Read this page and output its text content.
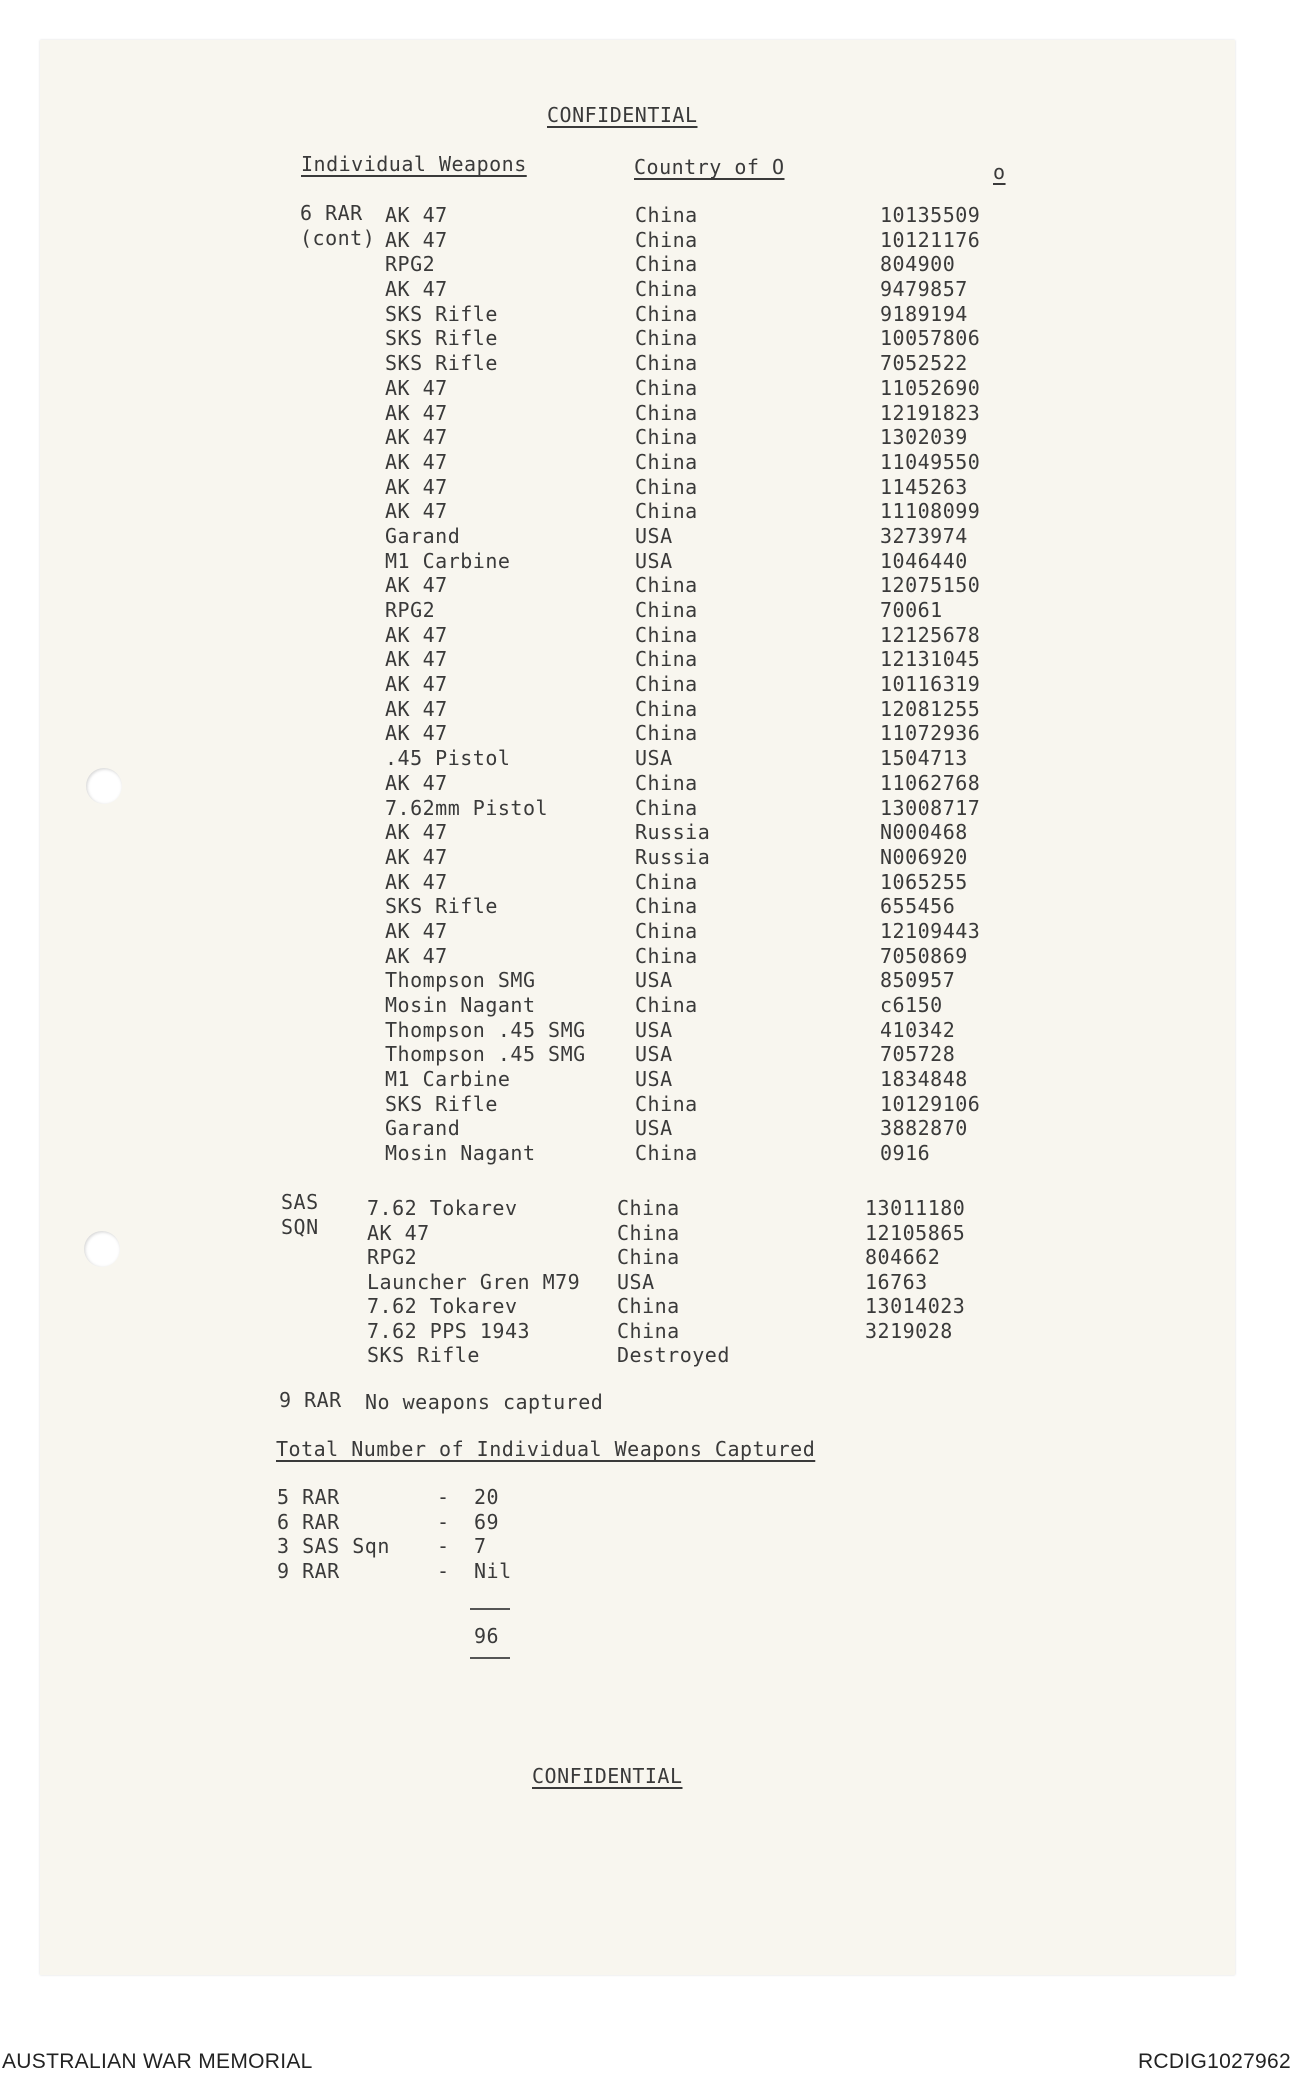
CONFIDENTIAL
Individual Weapons	Country of O	o
6 RAR
(cont)
AK 47	China	10135509
AK 47	China	10121176
RPG2	China	804900
AK 47	China	9479857
SKS Rifle	China	9189194
SKS Rifle	China	10057806
SKS Rifle	China	7052522
AK 47	China	11052690
AK 47	China	12191823
AK 47	China	1302039
AK 47	China	11049550
AK 47	China	1145263
AK 47	China	11108099
Garand	USA	3273974
M1 Carbine	USA	1046440
AK 47	China	12075150
RPG2	China	70061
AK 47	China	12125678
AK 47	China	12131045
AK 47	China	10116319
AK 47	China	12081255
AK 47	China	11072936
.45 Pistol	USA	1504713
AK 47	China	11062768
7.62mm Pistol	China	13008717
AK 47	Russia	N000468
AK 47	Russia	N006920
AK 47	China	1065255
SKS Rifle	China	655456
AK 47	China	12109443
AK 47	China	7050869
Thompson SMG	USA	850957
Mosin Nagant	China	c6150
Thompson .45 SMG USA	410342
Thompson .45 SMG USA	705728
M1 Carbine	USA	1834848
SKS Rifle	China	10129106
Garand	USA	3882870
Mosin Nagant	China	0916
SAS
SQN
7.62 Tokarev	China	13011180
AK 47	China	12105865
RPG2	China	804662
Launcher Gren M79 USA	16763
7.62 Tokarev	China	13014023
7.62 PPS 1943	China	3219028
SKS Rifle	Destroyed
9 RAR No weapons captured
Total Number of Individual Weapons Captured
5 RAR	- 20
6 RAR	- 69
3 SAS Sqn - 7
9 RAR	- Nil
96
CONFIDENTIAL
AUSTRALIAN WAR MEMORIAL	RCDIG1027962
